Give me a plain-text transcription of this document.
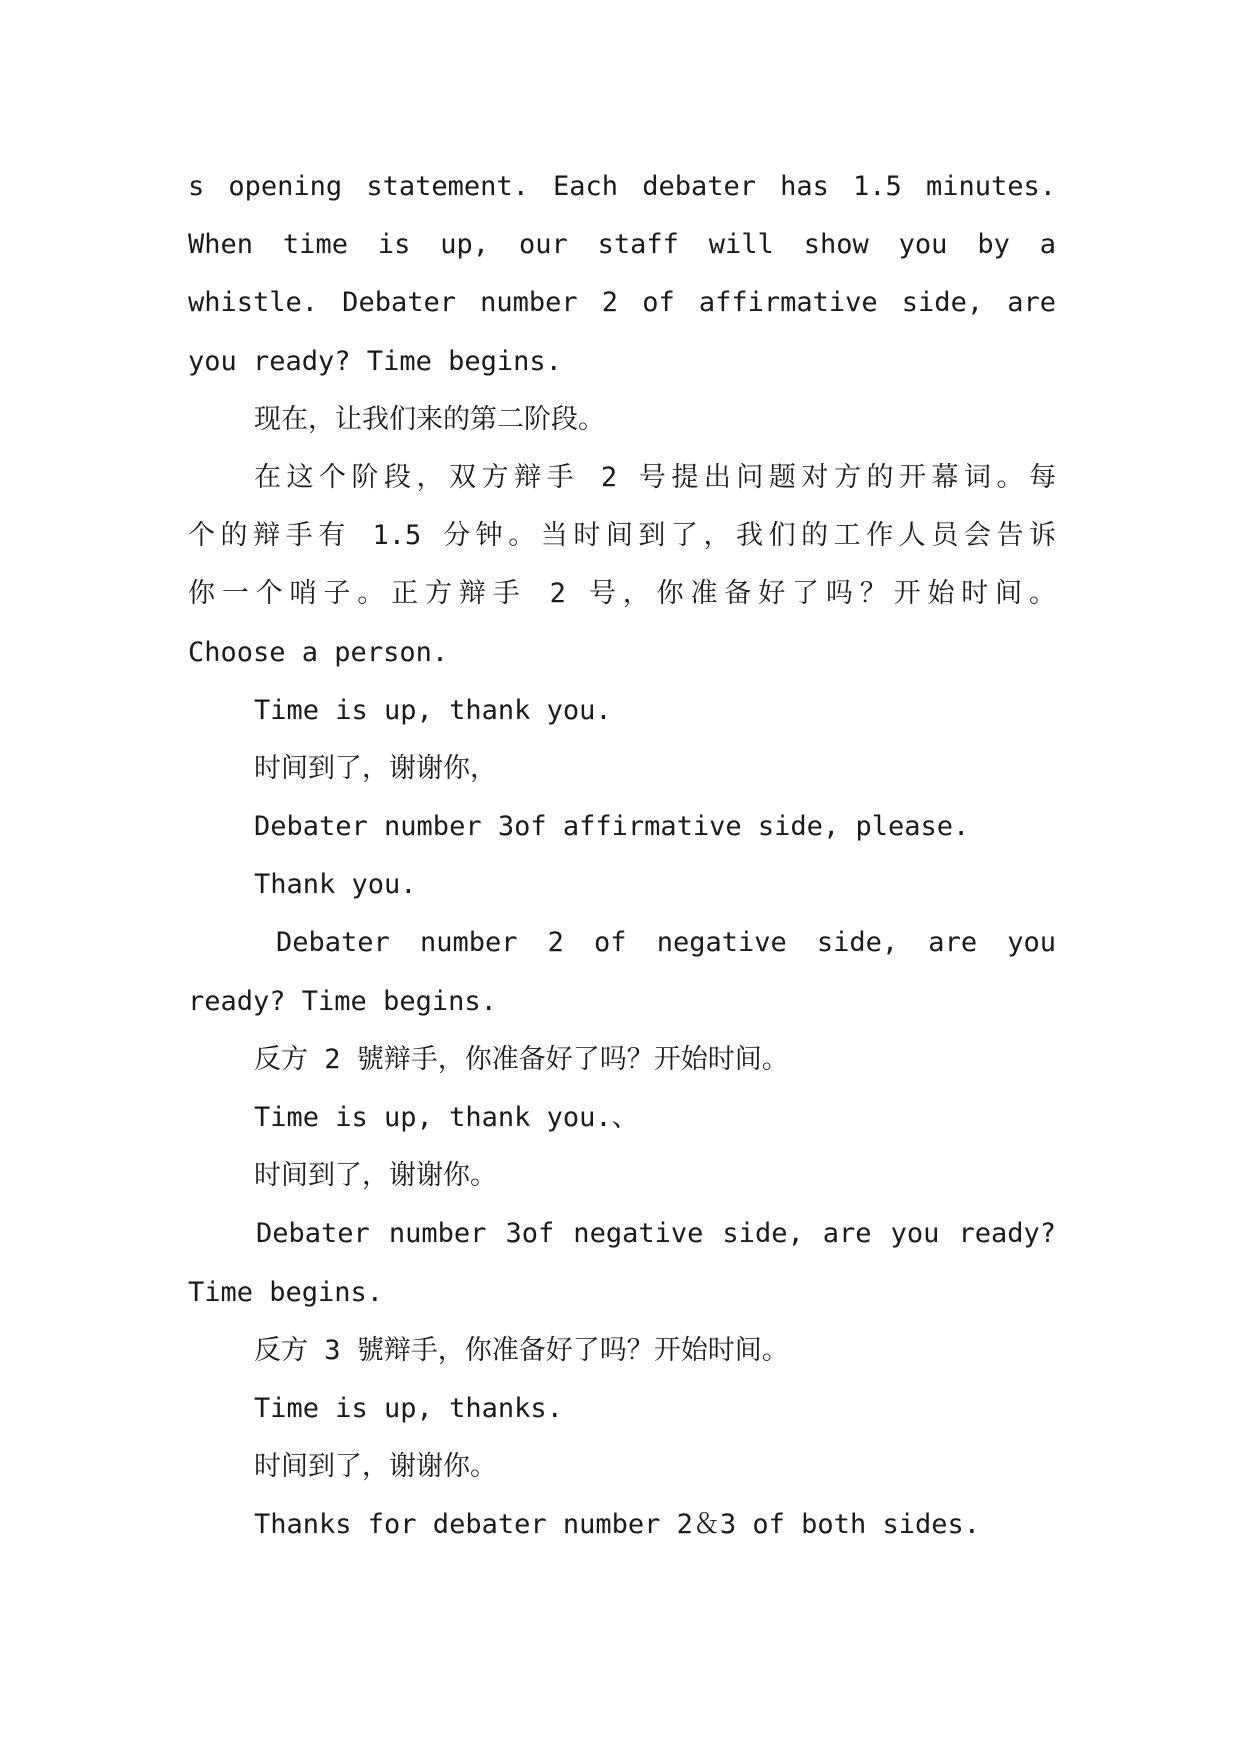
s opening statement. Each debater has 1.5 minutes.
When time is up, our staff will show you by a
whistle. Debater number 2 of affirmative side, are
you ready? Time begins.
现在，让我们来的第二阶段。
在这个阶段，双方辩手 2 号提出问题对方的开幕词。每
个的辩手有 1.5 分钟。当时间到了，我们的工作人员会告诉
你一个哨子。正方辩手 2 号，你准备好了吗？开始时间。
Choose a person.
Time is up, thank you.
时间到了，谢谢你，
Debater number 3of affirmative side, please.
Thank you.
Debater number 2 of negative side, are you
ready? Time begins.
反方 2 號辩手，你准备好了吗？开始时间。
Time is up, thank you.、
时间到了，谢谢你。
Debater number 3of negative side, are you ready?
Time begins.
反方 3 號辩手，你准备好了吗？开始时间。
Time is up, thanks.
时间到了，谢谢你。
Thanks for debater number 2＆3 of both sides.
